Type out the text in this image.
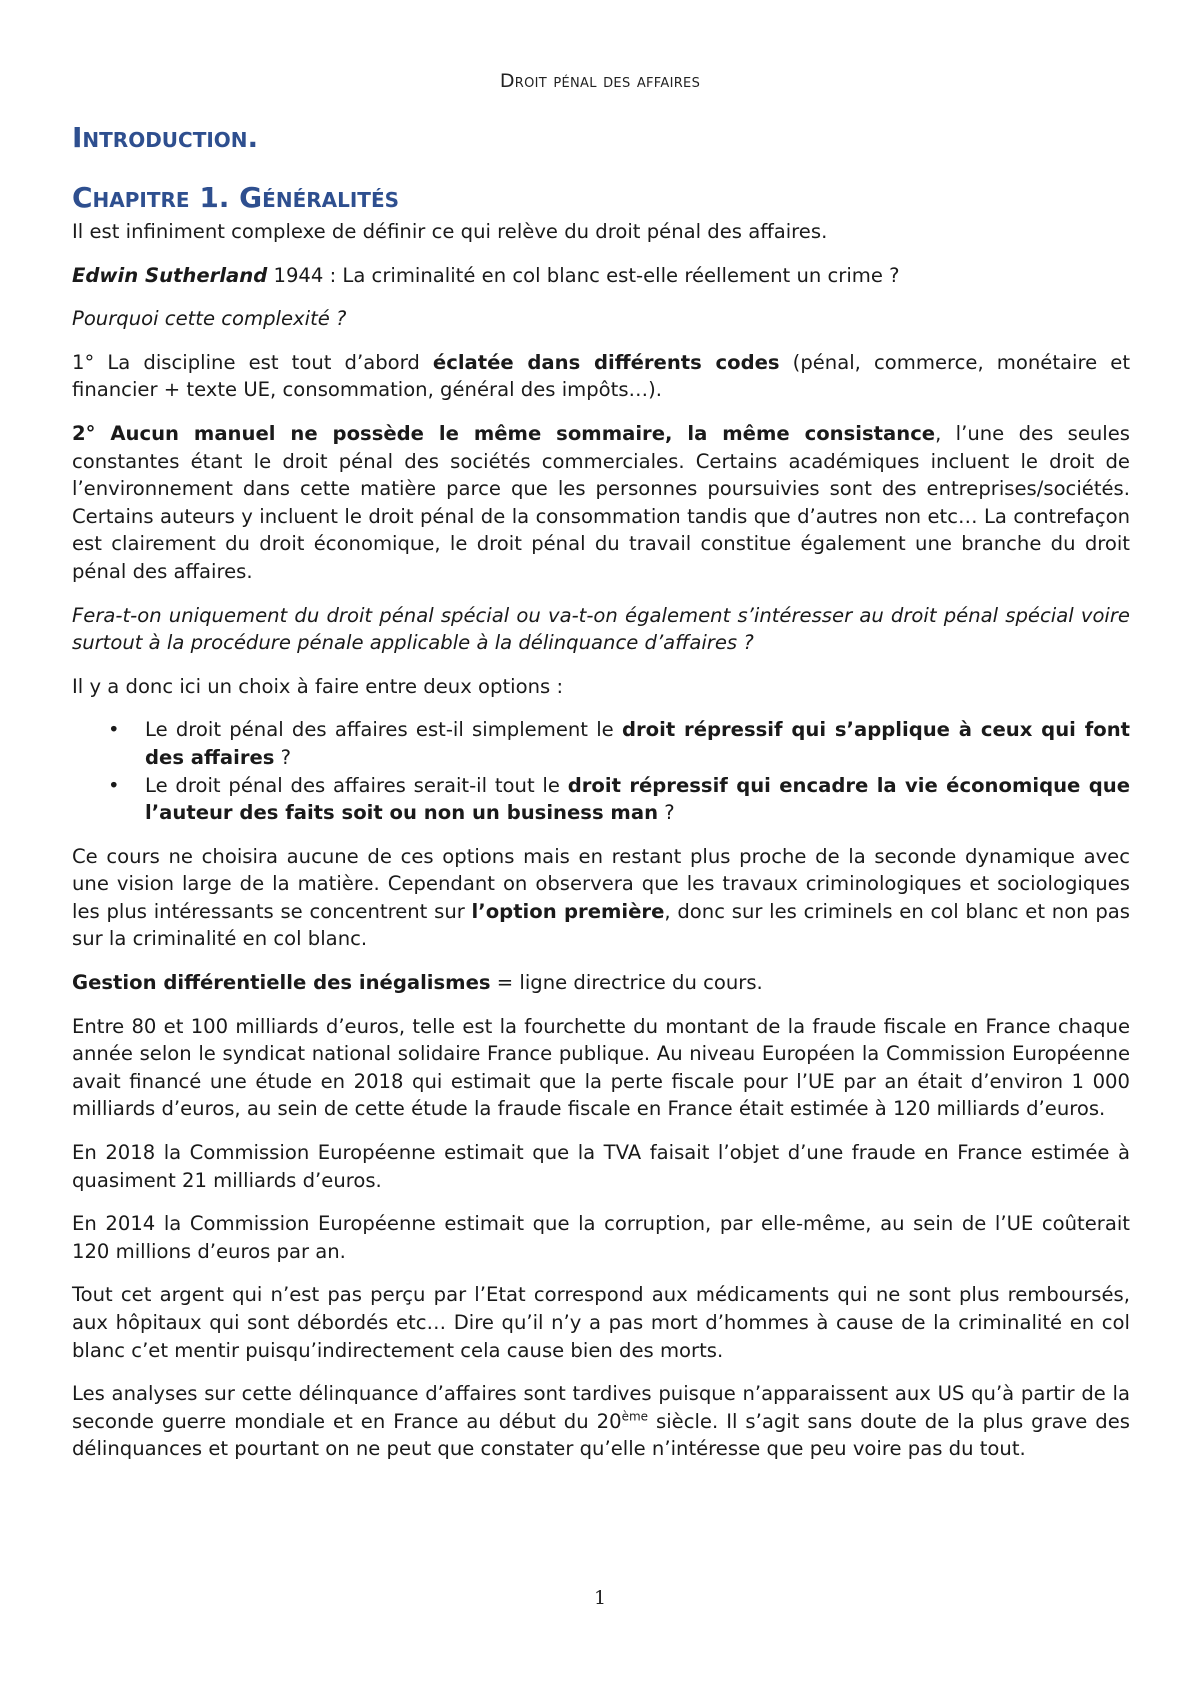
Droit pénal des affaires
Introduction.
Chapitre 1. Généralités

Il est infiniment complexe de définir ce qui relève du droit pénal des affaires.

Edwin Sutherland 1944 : La criminalité en col blanc est-elle réellement un crime ?

Pourquoi cette complexité ?

1° La discipline est tout d’abord éclatée dans différents codes (pénal, commerce, monétaire et financier + texte UE, consommation, général des impôts…).

2° Aucun manuel ne possède le même sommaire, la même consistance, l’une des seules constantes étant le droit pénal des sociétés commerciales. Certains académiques incluent le droit de l’environnement dans cette matière parce que les personnes poursuivies sont des entreprises/sociétés. Certains auteurs y incluent le droit pénal de la consommation tandis que d’autres non etc… La contrefaçon est clairement du droit économique, le droit pénal du travail constitue également une branche du droit pénal des affaires.

Fera-t-on uniquement du droit pénal spécial ou va-t-on également s’intéresser au droit pénal spécial voire surtout à la procédure pénale applicable à la délinquance d’affaires ?

Il y a donc ici un choix à faire entre deux options :

• Le droit pénal des affaires est-il simplement le droit répressif qui s’applique à ceux qui font des affaires ?
• Le droit pénal des affaires serait-il tout le droit répressif qui encadre la vie économique que l’auteur des faits soit ou non un business man ?

Ce cours ne choisira aucune de ces options mais en restant plus proche de la seconde dynamique avec une vision large de la matière. Cependant on observera que les travaux criminologiques et sociologiques les plus intéressants se concentrent sur l’option première, donc sur les criminels en col blanc et non pas sur la criminalité en col blanc.

Gestion différentielle des inégalismes = ligne directrice du cours.

Entre 80 et 100 milliards d’euros, telle est la fourchette du montant de la fraude fiscale en France chaque année selon le syndicat national solidaire France publique. Au niveau Européen la Commission Européenne avait financé une étude en 2018 qui estimait que la perte fiscale pour l’UE par an était d’environ 1 000 milliards d’euros, au sein de cette étude la fraude fiscale en France était estimée à 120 milliards d’euros.

En 2018 la Commission Européenne estimait que la TVA faisait l’objet d’une fraude en France estimée à quasiment 21 milliards d’euros.

En 2014 la Commission Européenne estimait que la corruption, par elle-même, au sein de l’UE coûterait 120 millions d’euros par an.

Tout cet argent qui n’est pas perçu par l’Etat correspond aux médicaments qui ne sont plus remboursés, aux hôpitaux qui sont débordés etc… Dire qu’il n’y a pas mort d’hommes à cause de la criminalité en col blanc c’et mentir puisqu’indirectement cela cause bien des morts.

Les analyses sur cette délinquance d’affaires sont tardives puisque n’apparaissent aux US qu’à partir de la seconde guerre mondiale et en France au début du 20ème siècle. Il s’agit sans doute de la plus grave des délinquances et pourtant on ne peut que constater qu’elle n’intéresse que peu voire pas du tout.

1
